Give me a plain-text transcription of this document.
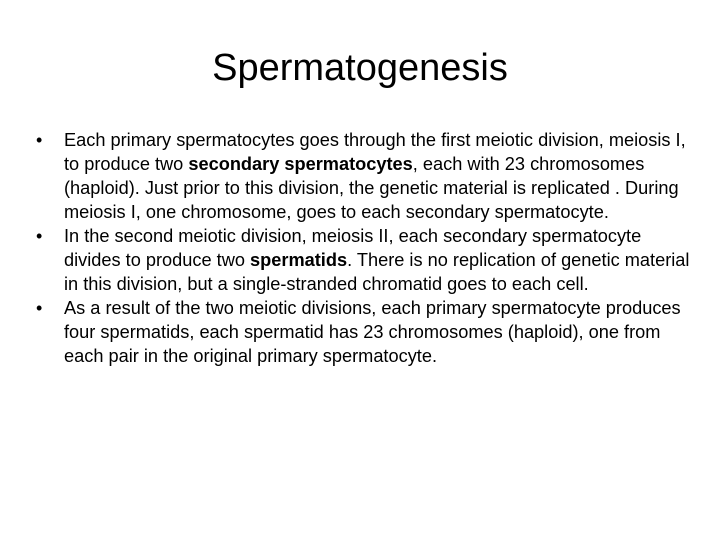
Spermatogenesis
•	Each primary spermatocytes goes through the first meiotic division, meiosis I, to produce two secondary spermatocytes, each with 23 chromosomes (haploid). Just prior to this division, the genetic material is replicated . During meiosis I, one chromosome, goes to each secondary spermatocyte.
•	In the second meiotic division, meiosis II, each secondary spermatocyte divides to produce two spermatids. There is no replication of genetic material in this division, but a single-stranded chromatid goes to each cell.
•	As a result of the two meiotic divisions, each primary spermatocyte produces four spermatids, each spermatid has 23 chromosomes (haploid), one from each pair in the original primary spermatocyte.
